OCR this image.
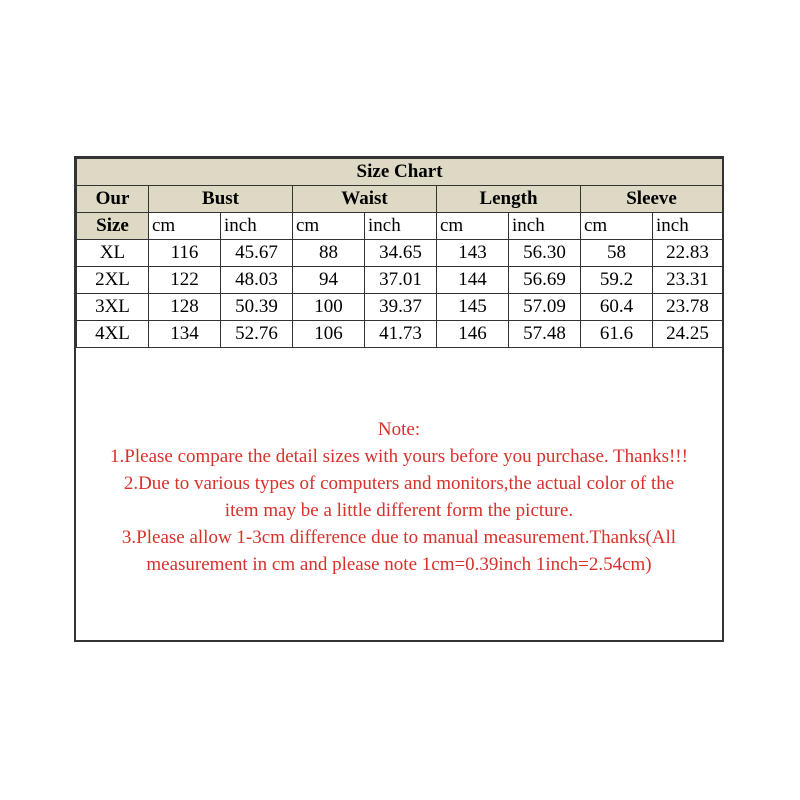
Size Chart								
Our	Bust		Waist		Length		Sleeve	
Size	cm	inch	cm	inch	cm	inch	cm	inch
XL	116	45.67	88	34.65	143	56.30	58	22.83
2XL	122	48.03	94	37.01	144	56.69	59.2	23.31
3XL	128	50.39	100	39.37	145	57.09	60.4	23.78
4XL	134	52.76	106	41.73	146	57.48	61.6	24.25
Note:
1.Please compare the detail sizes with yours before you purchase. Thanks!!!
2.Due to various types of computers and monitors,the actual color of the
item may be a little different form the picture.
3.Please allow 1-3cm difference due to manual measurement.Thanks(All
measurement in cm and please note 1cm=0.39inch 1inch=2.54cm)
